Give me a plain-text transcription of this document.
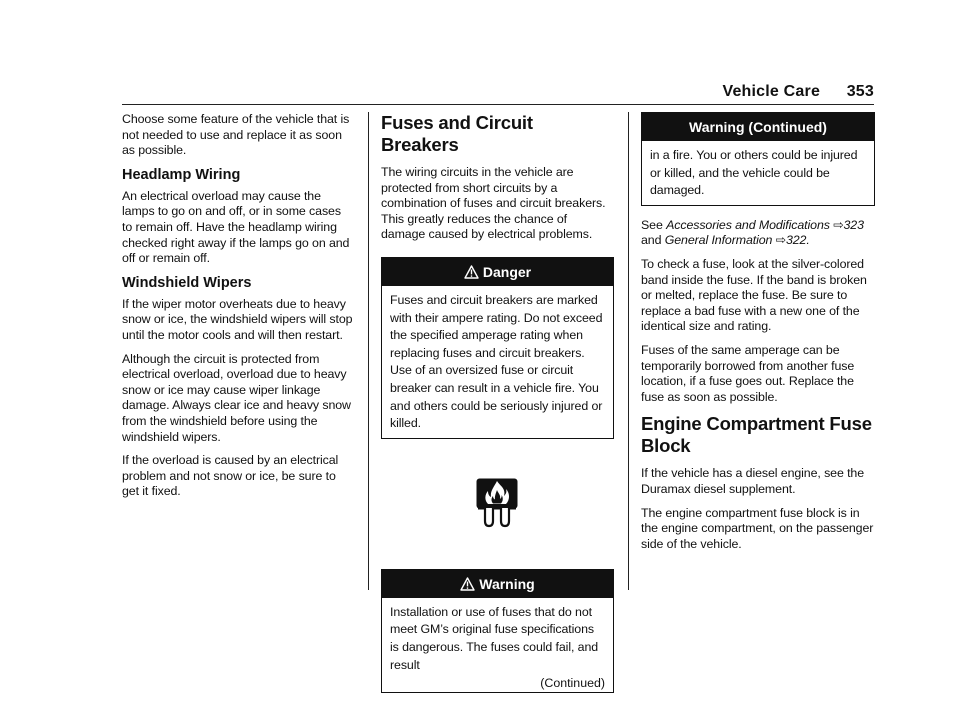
Vehicle Care 353

Choose some feature of the vehicle that is not needed to use and replace it as soon as possible.

Headlamp Wiring

An electrical overload may cause the lamps to go on and off, or in some cases to remain off. Have the headlamp wiring checked right away if the lamps go on and off or remain off.

Windshield Wipers

If the wiper motor overheats due to heavy snow or ice, the windshield wipers will stop until the motor cools and will then restart.

Although the circuit is protected from electrical overload, overload due to heavy snow or ice may cause wiper linkage damage. Always clear ice and heavy snow from the windshield before using the windshield wipers.

If the overload is caused by an electrical problem and not snow or ice, be sure to get it fixed.

Fuses and Circuit Breakers

The wiring circuits in the vehicle are protected from short circuits by a combination of fuses and circuit breakers. This greatly reduces the chance of damage caused by electrical problems.

Danger
Fuses and circuit breakers are marked with their ampere rating. Do not exceed the specified amperage rating when replacing fuses and circuit breakers. Use of an oversized fuse or circuit breaker can result in a vehicle fire. You and others could be seriously injured or killed.
Warning
Installation or use of fuses that do not meet GM’s original fuse specifications is dangerous. The fuses could fail, and result
(Continued)
Warning (Continued)
in a fire. You or others could be injured or killed, and the vehicle could be damaged.

See Accessories and Modifications ⇨323 and General Information ⇨322.

To check a fuse, look at the silver-colored band inside the fuse. If the band is broken or melted, replace the fuse. Be sure to replace a bad fuse with a new one of the identical size and rating.

Fuses of the same amperage can be temporarily borrowed from another fuse location, if a fuse goes out. Replace the fuse as soon as possible.

Engine Compartment Fuse Block

If the vehicle has a diesel engine, see the Duramax diesel supplement.

The engine compartment fuse block is in the engine compartment, on the passenger side of the vehicle.
